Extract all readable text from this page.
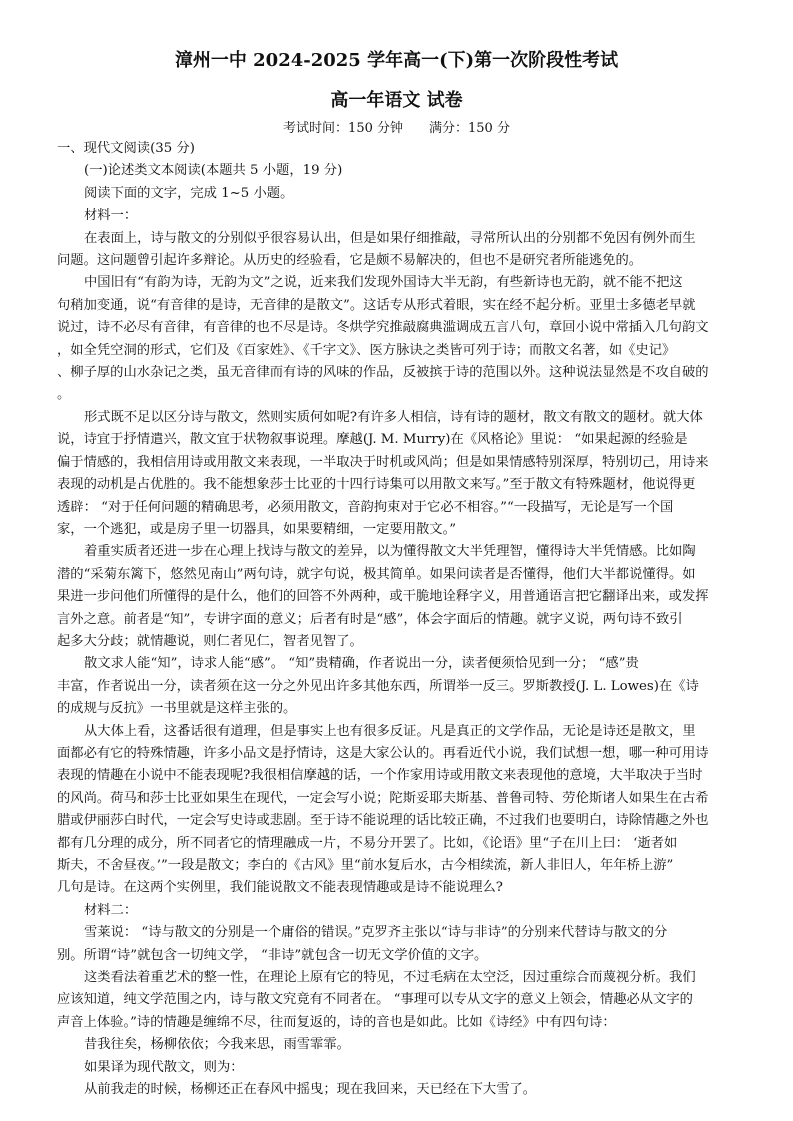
漳州一中 2024-2025 学年高一(下)第一次阶段性考试
高一年语文 试卷
考试时间：150 分钟 满分：150 分
一、现代文阅读(35 分)
(一)论述类文本阅读(本题共 5 小题，19 分)
阅读下面的文字，完成 1~5 小题。
材料一：
在表面上，诗与散文的分别似乎很容易认出，但是如果仔细推敲，寻常所认出的分别都不免因有例外而生
问题。这问题曾引起许多辩论。从历史的经验看，它是颇不易解决的，但也不是研究者所能逃免的。
中国旧有“有韵为诗，无韵为文”之说，近来我们发现外国诗大半无韵，有些新诗也无韵，就不能不把这
句稍加变通，说“有音律的是诗，无音律的是散文”。这话专从形式着眼，实在经不起分析。亚里士多德老早就
说过，诗不必尽有音律，有音律的也不尽是诗。冬烘学究推敲腐典滥调成五言八句，章回小说中常插入几句韵文
，如全凭空洞的形式，它们及《百家姓》、《千字文》、医方脉诀之类皆可列于诗；而散文名著，如《史记》
、柳子厚的山水杂记之类，虽无音律而有诗的风味的作品，反被摈于诗的范围以外。这种说法显然是不攻自破的
。
形式既不足以区分诗与散文，然则实质何如呢?有许多人相信，诗有诗的题材，散文有散文的题材。就大体
说，诗宜于抒情遣兴，散文宜于状物叙事说理。摩越(J. M. Murry)在《风格论》里说： “如果起源的经验是
偏于情感的，我相信用诗或用散文来表现，一半取决于时机或风尚；但是如果情感特别深厚，特别切己，用诗来
表现的动机是占优胜的。我不能想象莎士比亚的十四行诗集可以用散文来写。”至于散文有特殊题材，他说得更
透辟： “对于任何问题的精确思考，必须用散文，音韵拘束对于它必不相容。”“一段描写，无论是写一个国
家，一个逃犯，或是房子里一切器具，如果要精细，一定要用散文。”
着重实质者还进一步在心理上找诗与散文的差异，以为懂得散文大半凭理智，懂得诗大半凭情感。比如陶
潜的“采菊东篱下，悠然见南山”两句诗，就字句说，极其简单。如果问读者是否懂得，他们大半都说懂得。如
果进一步问他们所懂得的是什么，他们的回答不外两种，或干脆地诠释字义，用普通语言把它翻译出来，或发挥
言外之意。前者是“知”，专讲字面的意义；后者有时是“感”，体会字面后的情趣。就字义说，两句诗不致引
起多大分歧；就情趣说，则仁者见仁，智者见智了。
散文求人能“知”，诗求人能“感”。 “知”贵精确，作者说出一分，读者便须恰见到一分； “感”贵
丰富，作者说出一分，读者须在这一分之外见出许多其他东西，所谓举一反三。罗斯教授(J. L. Lowes)在《诗
的成规与反抗》一书里就是这样主张的。
从大体上看，这番话很有道理，但是事实上也有很多反证。凡是真正的文学作品，无论是诗还是散文，里
面都必有它的特殊情趣，许多小品文是抒情诗，这是大家公认的。再看近代小说，我们试想一想，哪一种可用诗
表现的情趣在小说中不能表现呢?我很相信摩越的话，一个作家用诗或用散文来表现他的意境，大半取决于当时
的风尚。荷马和莎士比亚如果生在现代，一定会写小说；陀斯妥耶夫斯基、普鲁司特、劳伦斯诸人如果生在古希
腊或伊丽莎白时代，一定会写史诗或悲剧。至于诗不能说理的话比较正确，不过我们也要明白，诗除情趣之外也
都有几分理的成分，所不同者它的情理融成一片，不易分开罢了。比如，《论语》里“子在川上曰： ‘逝者如
斯夫，不舍昼夜。’”一段是散文；李白的《古风》里“前水复后水，古今相续流，新人非旧人，年年桥上游”
几句是诗。在这两个实例里，我们能说散文不能表现情趣或是诗不能说理么?
材料二：
雪莱说： “诗与散文的分别是一个庸俗的错误。”克罗齐主张以“诗与非诗”的分别来代替诗与散文的分
别。所谓“诗”就包含一切纯文学， “非诗”就包含一切无文学价值的文字。
这类看法着重艺术的整一性，在理论上原有它的特见，不过毛病在太空泛，因过重综合而蔑视分析。我们
应该知道，纯文学范围之内，诗与散文究竟有不同者在。 “事理可以专从文字的意义上领会，情趣必从文字的
声音上体验。”诗的情趣是缠绵不尽，往而复返的，诗的音也是如此。比如《诗经》中有四句诗：
昔我往矣，杨柳依依；今我来思，雨雪霏霏。
如果译为现代散文，则为：
从前我走的时候，杨柳还正在春风中摇曳；现在我回来，天已经在下大雪了。
